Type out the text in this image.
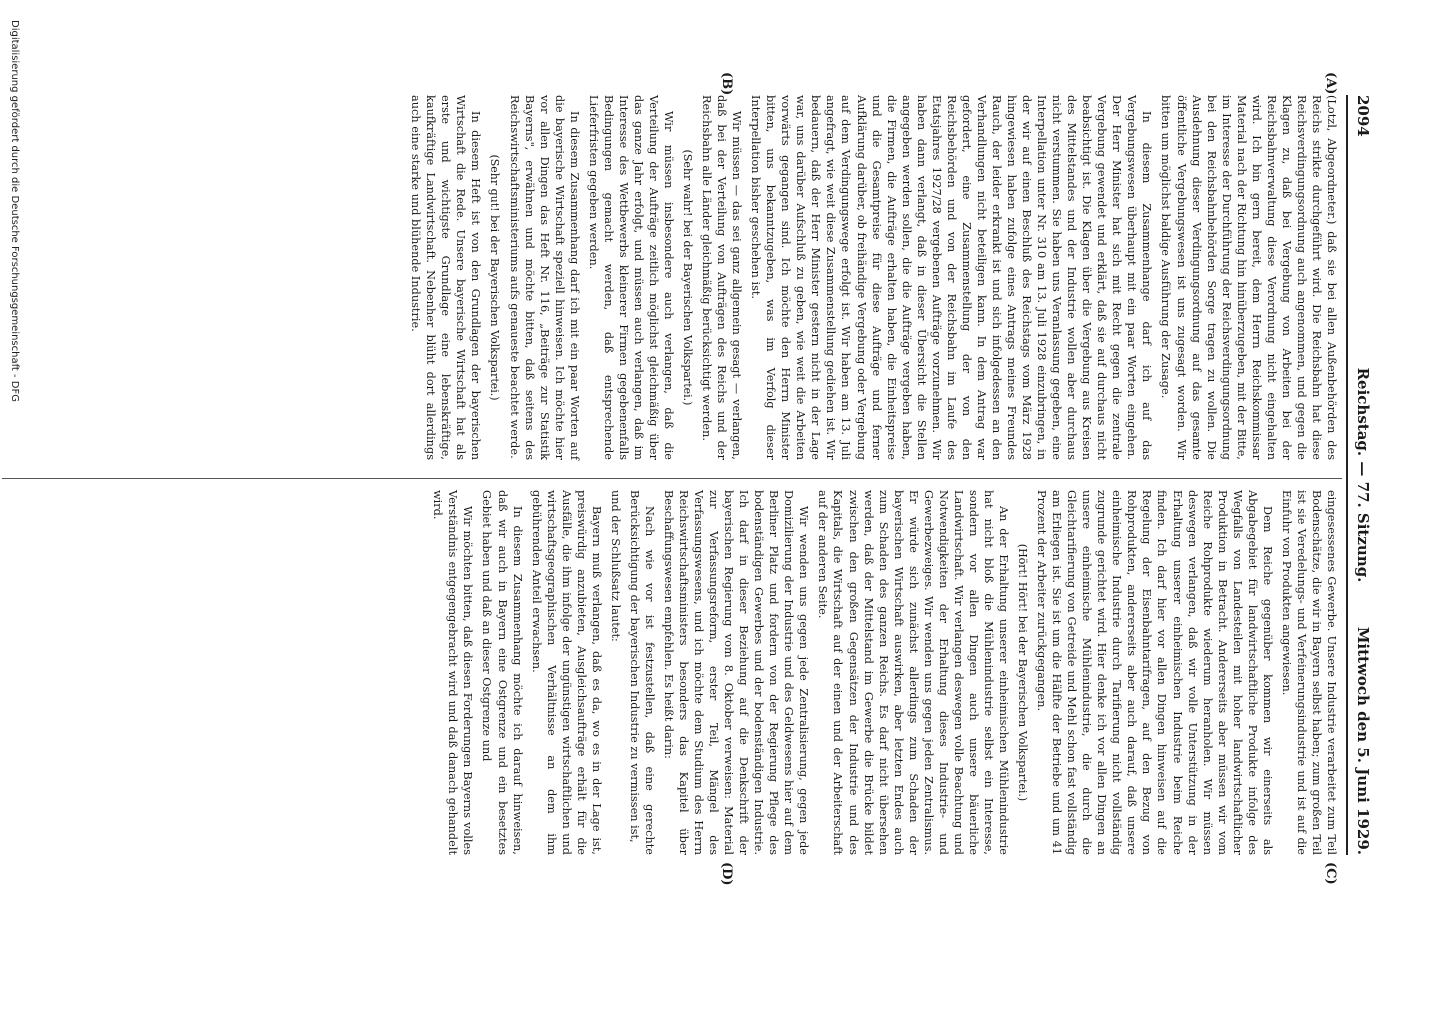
2094
Reichstag. — 77. Sitzung.
Mittwoch den 5. Juni 1929.
(A)
(B)
(C)
(D)

(Lotzl, Abgeordneter.) daß sie bei allen Außenbehörden des Reichs strikte durchgeführt wird. Die Reichsbahn hat diese Reichsverdingungsordnung auch angenommen, und gegen die Klagen zu, daß bei Vergebung von Arbeiten bei der Reichsbahnverwaltung diese Verordnung nicht eingehalten wird. Ich bin gern bereit, dem Herrn Reichskommissar Material nach der Richtung hin hinüberzugeben, mit der Bitte, im Interesse der Durchführung der Reichsverdingungsordnung bei den Reichsbahnbehörden Sorge tragen zu wollen. Die Ausdehnung dieser Verdingungsordnung auf das gesamte öffentliche Vergebungswesen ist uns zugesagt worden. Wir bitten um möglichst baldige Ausführung der Zusage.

In diesem Zusammenhange darf ich auf das Vergebungswesen überhaupt mit ein paar Worten eingehen. Der Herr Minister hat sich mit Recht gegen die zentrale Vergebung gewendet und erklärt, daß sie auf durchaus nicht beabsichtigt ist. Die Klagen über die Vergebung aus Kreisen des Mittelstandes und der Industrie wollen aber durchaus nicht verstummen. Sie haben uns Veranlassung gegeben, eine Interpellation unter Nr. 310 am 13. Juli 1928 einzubringen, in der wir auf einen Beschluß des Reichstags vom März 1928 hingewiesen haben zufolge eines Antrags meines Freundes Rauch, der leider erkrankt ist und sich infolgedessen an den Verhandlungen nicht beteiligen kann. In dem Antrag war gefordert, eine Zusammenstellung der von den Reichsbehörden und von der Reichsbahn im Laufe des Etatsjahres 1927/28 vergebenen Aufträge vorzunehmen. Wir haben dann verlangt, daß in dieser Übersicht die Stellen angegeben werden sollen, die die Aufträge vergeben haben, die Firmen, die Aufträge erhalten haben, die Einheitspreise und die Gesamtpreise für diese Aufträge und ferner Aufklärung darüber, ob freihändige Vergebung oder Vergebung auf dem Verdingungswege erfolgt ist. Wir haben am 13. Juli angefragt, wie weit diese Zusammenstellung gediehen ist. Wir bedauern, daß der Herr Minister gestern nicht in der Lage war, uns darüber Aufschluß zu geben, wie weit die Arbeiten vorwärts gegangen sind. Ich möchte den Herrn Minister bitten, uns bekanntzugeben, was im Verfolg dieser Interpellation bisher geschehen ist.

Wir müssen — das sei ganz allgemein gesagt — verlangen, daß bei der Verteilung von Aufträgen des Reichs und der Reichsbahn alle Länder gleichmäßig berücksichtigt werden.

(Sehr wahr! bei der Bayerischen Volkspartei.)

Wir müssen insbesondere auch verlangen, daß die Verteilung der Aufträge zeitlich möglichst gleichmäßig über das ganze Jahr erfolgt, und müssen auch verlangen, daß im Interesse des Wettbewerbs kleinerer Firmen gegebenenfalls Bedingungen gemacht werden, daß entsprechende Lieferfristen gegeben werden.

In diesem Zusammenhang darf ich mit ein paar Worten auf die bayerische Wirtschaft speziell hinweisen. Ich möchte hier vor allen Dingen das Heft Nr. 116, „Beiträge zur Statistik Bayerns", erwähnen und möchte bitten, daß seitens des Reichswirtschaftsministeriums aufs genaueste beachtet werde.

(Sehr gut! bei der Bayerischen Volkspartei.)

In diesem Heft ist von den Grundlagen der bayerischen Wirtschaft die Rede. Unsere bayerische Wirtschaft hat als erste und wichtigste Grundlage eine lebenskräftige, kaufkräftige Landwirtschaft. Nebenher blüht dort allerdings auch eine starke und blühende Industrie.

eingesessenes Gewerbe. Unsere Industrie verarbeitet zum Teil Bodenschätze, die wir in Bayern selbst haben; zum großen Teil ist sie Veredelungs- und Verfeinerungsindustrie und ist auf die Einfuhr von Produkten angewiesen.

Dem Reiche gegenüber kommen wir einerseits als Abgabegebiet für landwirtschaftliche Produkte infolge des Wegfalls von Landesteilen mit hoher landwirtschaftlicher Produktion in Betracht. Andererseits aber müssen wir vom Reiche Rohprodukte wiederum heranholen. Wir müssen deswegen verlangen, daß wir volle Unterstützung in der Erhaltung unserer einheimischen Industrie beim Reiche finden. Ich darf hier vor allen Dingen hinweisen auf die Regelung der Eisenbahntarifragen, auf den Bezug von Rohprodukten, andererseits aber auch darauf, daß unsere einheimische Industrie durch Tarifierung nicht vollständig zugrunde gerichtet wird. Hier denke ich vor allen Dingen an unsere einheimische Mühlenindustrie, die durch die Gleichtarifierung von Getreide und Mehl schon fast vollständig am Erliegen ist. Sie ist um die Hälfte der Betriebe und um 41 Prozent der Arbeiter zurückgegangen.

(Hört! Hört! bei der Bayerischen Volkspartei.)

An der Erhaltung unserer einheimischen Mühlenindustrie hat nicht bloß die Mühlenindustrie selbst ein Interesse, sondern vor allen Dingen auch unsere bäuerliche Landwirtschaft. Wir verlangen deswegen volle Beachtung und Notwendigkeiten der Erhaltung dieses Industrie- und Gewerbezweiges. Wir wenden uns gegen jeden Zentralismus. Er würde sich zunächst allerdings zum Schaden der bayerischen Wirtschaft auswirken, aber letzten Endes auch zum Schaden des ganzen Reichs. Es darf nicht übersehen werden, daß der Mittelstand im Gewerbe die Brücke bildet zwischen den großen Gegensätzen der Industrie und des Kapitals, die Wirtschaft auf der einen und der Arbeiterschaft auf der anderen Seite.

Wir wenden uns gegen jede Zentralisierung, gegen jede Domizilierung der Industrie und des Geldwesens hier auf dem Berliner Platz und fordern von der Regierung Pflege des bodenständigen Gewerbes und der bodenständigen Industrie. Ich darf in dieser Beziehung auf die Denkschrift der bayerischen Regierung vom 8. Oktober verweisen: Material zur Verfassungsreform, erster Teil, Mängel des Verfassungswesens, und ich möchte dem Studium des Herrn Reichswirtschaftsministers besonders das Kapitel über Beschaffungswesen empfehlen. Es heißt darin:

Nach wie vor ist festzustellen, daß eine gerechte Berücksichtigung der bayerischen Industrie zu vermissen ist,

und der Schlußsatz lautet:

Bayern muß verlangen, daß es da, wo es in der Lage ist, preiswürdig anzubieten, Ausgleichsaufträge erhält für die Ausfälle, die ihm infolge der ungünstigen wirtschaftlichen und wirtschaftsgeographischen Verhältnisse an dem ihm gebührenden Anteil erwachsen.

In diesem Zusammenhang möchte ich darauf hinweisen, daß wir auch in Bayern eine Ostgrenze und ein besetztes Gebiet haben und daß an dieser Ostgrenze und

Wir möchten bitten, daß diesen Forderungen Bayerns volles Verständnis entgegengebracht wird und daß danach gehandelt wird.

Digitalisierung gefördert durch die Deutsche Forschungsgemeinschaft - DFG
